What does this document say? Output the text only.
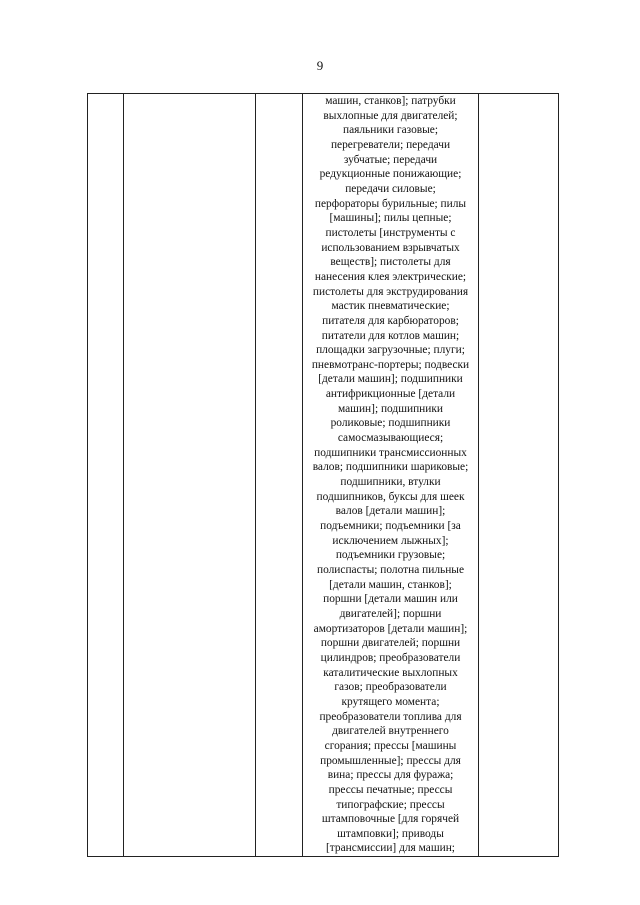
9

машин, станков]; патрубки
выхлопные для двигателей;
паяльники газовые;
перегреватели; передачи
зубчатые; передачи
редукционные понижающие;
передачи силовые;
перфораторы бурильные; пилы
[машины]; пилы цепные;
пистолеты [инструменты с
использованием взрывчатых
веществ]; пистолеты для
нанесения клея электрические;
пистолеты для экструдирования
мастик пневматические;
питателя для карбюраторов;
питатели для котлов машин;
площадки загрузочные; плуги;
пневмотранс-портеры; подвески
[детали машин]; подшипники
антифрикционные [детали
машин]; подшипники
роликовые; подшипники
самосмазывающиеся;
подшипники трансмиссионных
валов; подшипники шариковые;
подшипники, втулки
подшипников, буксы для шеек
валов [детали машин];
подъемники; подъемники [за
исключением лыжных];
подъемники грузовые;
полиспасты; полотна пильные
[детали машин, станков];
поршни [детали машин или
двигателей]; поршни
амортизаторов [детали машин];
поршни двигателей; поршни
цилиндров; преобразователи
каталитические выхлопных
газов; преобразователи
крутящего момента;
преобразователи топлива для
двигателей внутреннего
сгорания; прессы [машины
промышленные]; прессы для
вина; прессы для фуража;
прессы печатные; прессы
типографские; прессы
штамповочные [для горячей
штамповки]; приводы
[трансмиссии] для машин;
